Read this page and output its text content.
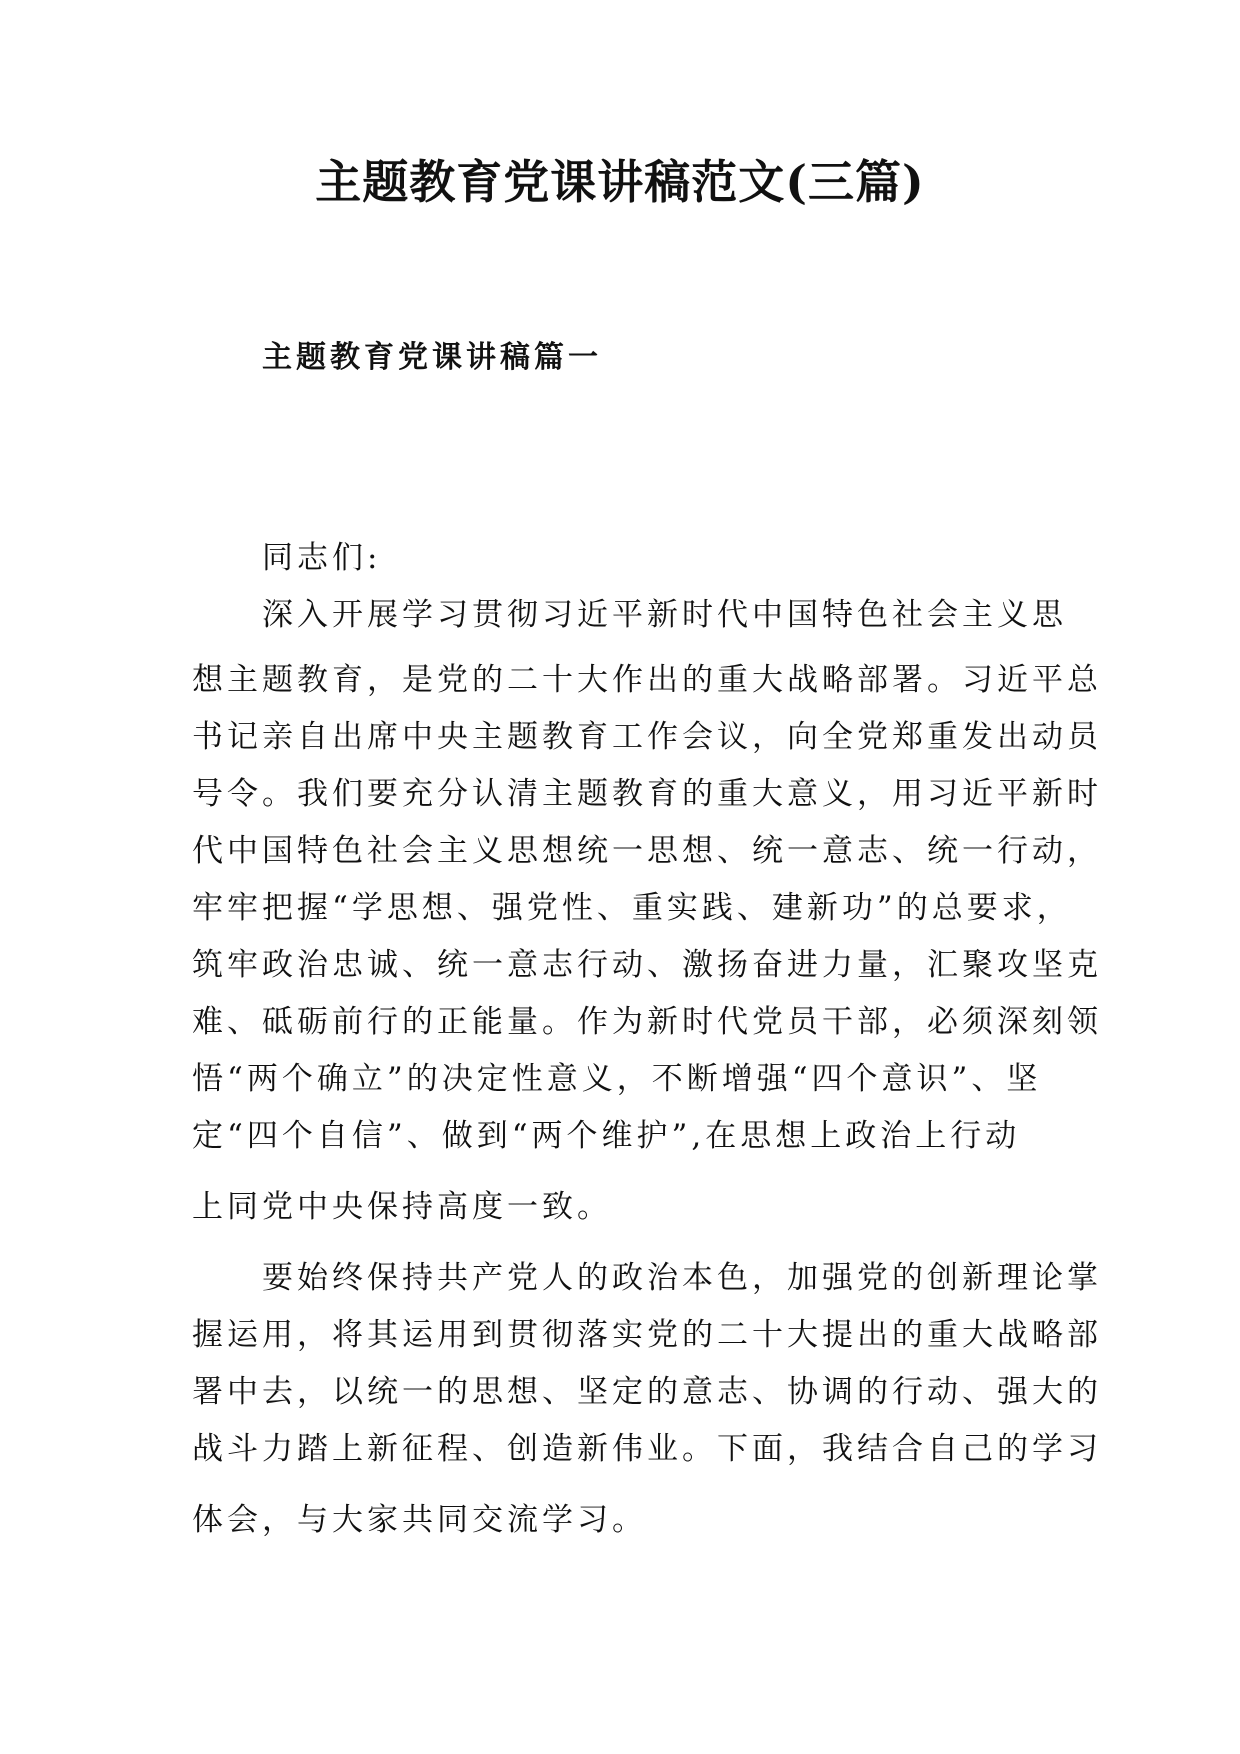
主题教育党课讲稿范文(三篇)
主题教育党课讲稿篇一

同志们:

深入开展学习贯彻习近平新时代中国特色社会主义思

想主题教育，是党的二十大作出的重大战略部署。习近平总

书记亲自出席中央主题教育工作会议，向全党郑重发出动员

号令。我们要充分认清主题教育的重大意义，用习近平新时

代中国特色社会主义思想统一思想、统一意志、统一行动，

牢牢把握“学思想、强党性、重实践、建新功”的总要求，

筑牢政治忠诚、统一意志行动、激扬奋进力量，汇聚攻坚克

难、砥砺前行的正能量。作为新时代党员干部，必须深刻领

悟“两个确立”的决定性意义，不断增强“四个意识”、坚

定“四个自信”、做到“两个维护”,在思想上政治上行动

上同党中央保持高度一致。

要始终保持共产党人的政治本色，加强党的创新理论掌

握运用，将其运用到贯彻落实党的二十大提出的重大战略部

署中去，以统一的思想、坚定的意志、协调的行动、强大的

战斗力踏上新征程、创造新伟业。下面，我结合自己的学习

体会，与大家共同交流学习。
